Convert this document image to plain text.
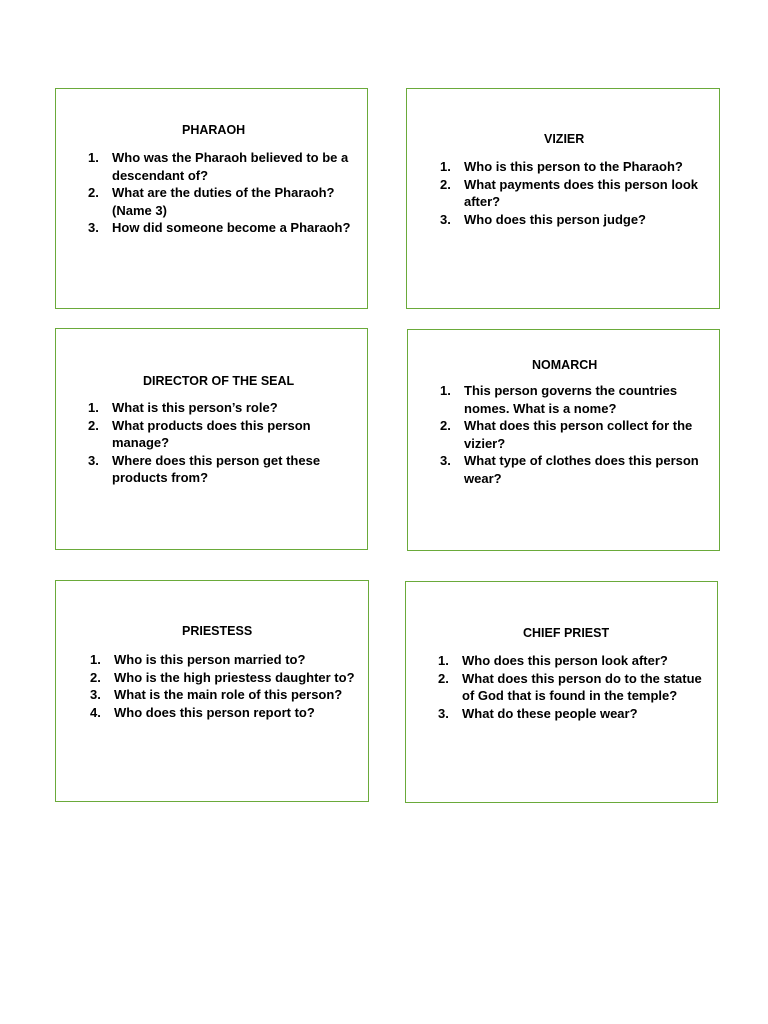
PHARAOH
1. Who was the Pharaoh believed to be a descendant of?
2. What are the duties of the Pharaoh? (Name 3)
3. How did someone become a Pharaoh?
VIZIER
1. Who is this person to the Pharaoh?
2. What payments does this person look after?
3. Who does this person judge?
DIRECTOR OF THE SEAL
1. What is this person’s role?
2. What products does this person manage?
3. Where does this person get these products from?
NOMARCH
1. This person governs the countries nomes. What is a nome?
2. What does this person collect for the vizier?
3. What type of clothes does this person wear?
PRIESTESS
1. Who is this person married to?
2. Who is the high priestess daughter to?
3. What is the main role of this person?
4. Who does this person report to?
CHIEF PRIEST
1. Who does this person look after?
2. What does this person do to the statue of God that is found in the temple?
3. What do these people wear?
